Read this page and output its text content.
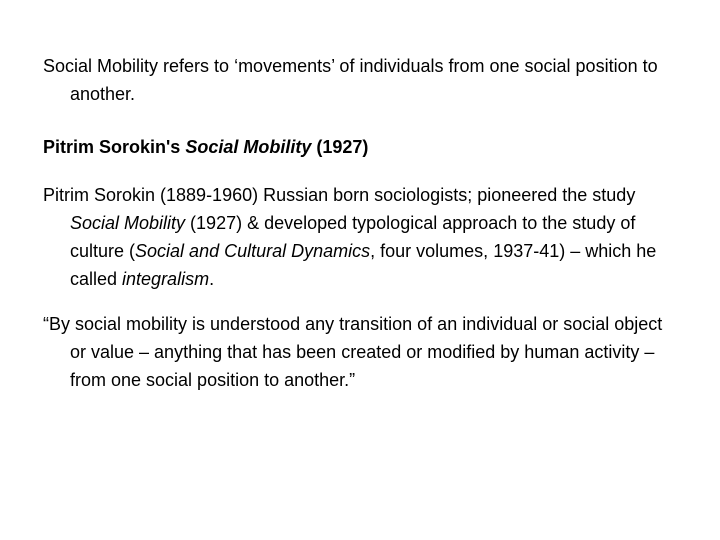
Social Mobility refers to ‘movements’ of individuals from one social position to another.

Pitrim Sorokin's Social Mobility (1927)

Pitrim Sorokin (1889-1960) Russian born sociologists; pioneered the study Social Mobility (1927) & developed typological approach to the study of culture (Social and Cultural Dynamics, four volumes, 1937-41) – which he called integralism.

“By social mobility is understood any transition of an individual or social object or value – anything that has been created or modified by human activity – from one social position to another.”
